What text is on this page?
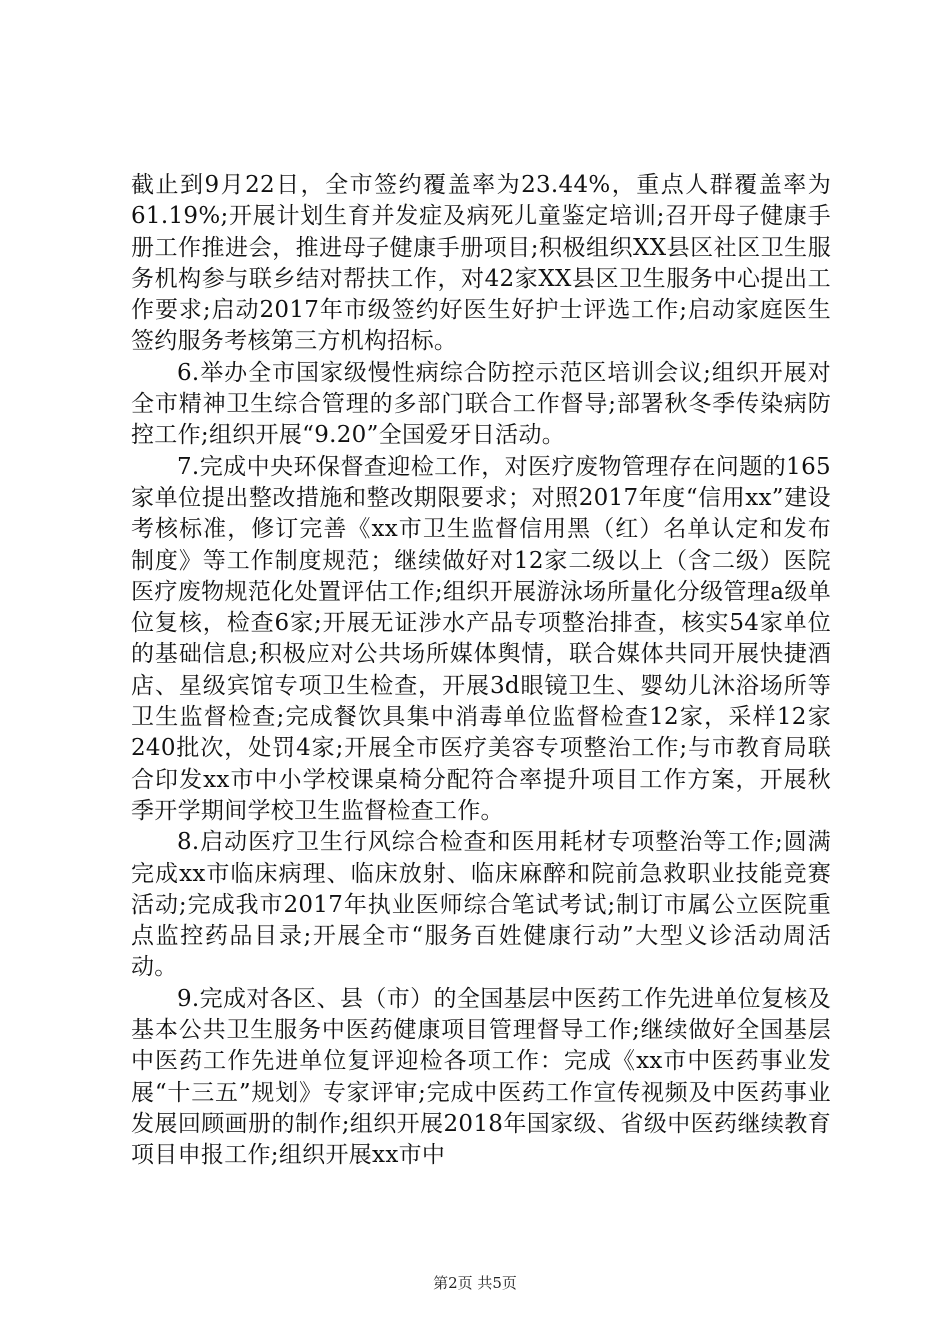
截止到9月22日，全市签约覆盖率为23.44%，重点人群覆盖率为61.19%;开展计划生育并发症及病死儿童鉴定培训;召开母子健康手册工作推进会，推进母子健康手册项目;积极组织XX县区社区卫生服务机构参与联乡结对帮扶工作，对42家XX县区卫生服务中心提出工作要求;启动2017年市级签约好医生好护士评选工作;启动家庭医生签约服务考核第三方机构招标。

6.举办全市国家级慢性病综合防控示范区培训会议;组织开展对全市精神卫生综合管理的多部门联合工作督导;部署秋冬季传染病防控工作;组织开展“9.20”全国爱牙日活动。

7.完成中央环保督查迎检工作，对医疗废物管理存在问题的165家单位提出整改措施和整改期限要求；对照2017年度“信用xx”建设考核标准，修订完善《xx市卫生监督信用黑（红）名单认定和发布制度》等工作制度规范；继续做好对12家二级以上（含二级）医院医疗废物规范化处置评估工作;组织开展游泳场所量化分级管理a级单位复核，检查6家;开展无证涉水产品专项整治排查，核实54家单位的基础信息;积极应对公共场所媒体舆情，联合媒体共同开展快捷酒店、星级宾馆专项卫生检查，开展3d眼镜卫生、婴幼儿沐浴场所等卫生监督检查;完成餐饮具集中消毒单位监督检查12家，采样12家240批次，处罚4家;开展全市医疗美容专项整治工作;与市教育局联合印发xx市中小学校课桌椅分配符合率提升项目工作方案，开展秋季开学期间学校卫生监督检查工作。

8.启动医疗卫生行风综合检查和医用耗材专项整治等工作;圆满完成xx市临床病理、临床放射、临床麻醉和院前急救职业技能竞赛活动;完成我市2017年执业医师综合笔试考试;制订市属公立医院重点监控药品目录;开展全市“服务百姓健康行动”大型义诊活动周活动。

9.完成对各区、县（市）的全国基层中医药工作先进单位复核及基本公共卫生服务中医药健康项目管理督导工作;继续做好全国基层中医药工作先进单位复评迎检各项工作：完成《xx市中医药事业发展“十三五”规划》专家评审;完成中医药工作宣传视频及中医药事业发展回顾画册的制作;组织开展2018年国家级、省级中医药继续教育项目申报工作;组织开展xx市中

第2页 共5页
